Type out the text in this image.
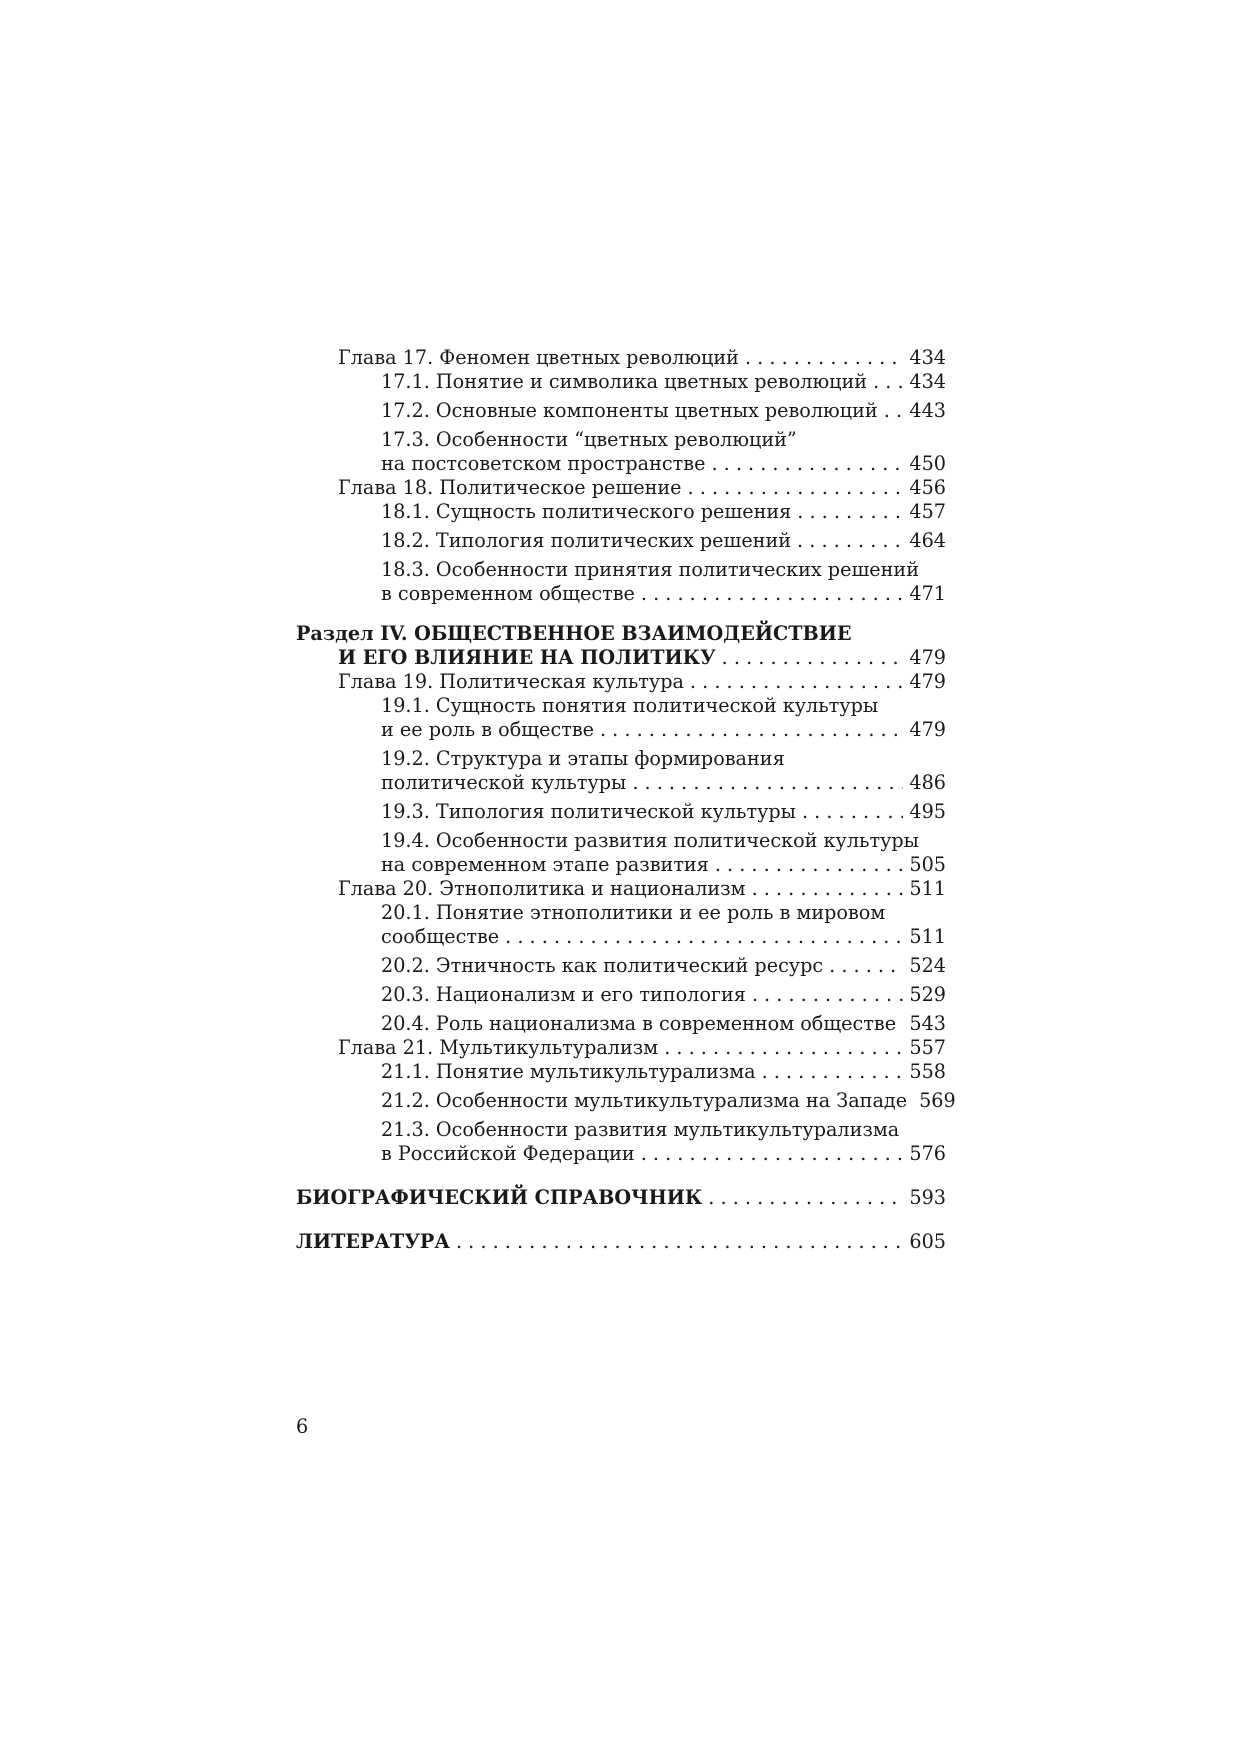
Глава 17. Феномен цветных революций . . .	434
17.1. Понятие и символика цветных революций . . . 434
17.2. Основные компоненты цветных революций . . . 443
17.3. Особенности “цветных революций”
на постсоветском пространстве . . .	450
Глава 18. Политическое решение . . .	456
18.1. Сущность политического решения . . .	457
18.2. Типология политических решений . . .	464
18.3. Особенности принятия политических решений
в современном обществе . . .	471
Раздел IV. ОБЩЕСТВЕННОЕ ВЗАИМОДЕЙСТВИЕ
И ЕГО ВЛИЯНИЕ НА ПОЛИТИКУ . . .	479
Глава 19. Политическая культура . . .	479
19.1. Сущность понятия политической культуры
и ее роль в обществе . . .	479
19.2. Структура и этапы формирования
политической культуры . . .	486
19.3. Типология политической культуры . . .	495
19.4. Особенности развития политической культуры
на современном этапе развития . . .	505
Глава 20. Этнополитика и национализм . . .	511
20.1. Понятие этнополитики и ее роль в мировом
сообществе . . .	511
20.2. Этничность как политический ресурс . . .	524
20.3. Национализм и его типология . . .	529
20.4. Роль национализма в современном обществе . . . 543
Глава 21. Мультикультурализм . . .	557
21.1. Понятие мультикультурализма . . .	558
21.2. Особенности мультикультурализма на Западе 569
21.3. Особенности развития мультикультурализма
в Российской Федерации . . .	576
БИОГРАФИЧЕСКИЙ СПРАВОЧНИК . . .	593
ЛИТЕРАТУРА . . .	605
6
